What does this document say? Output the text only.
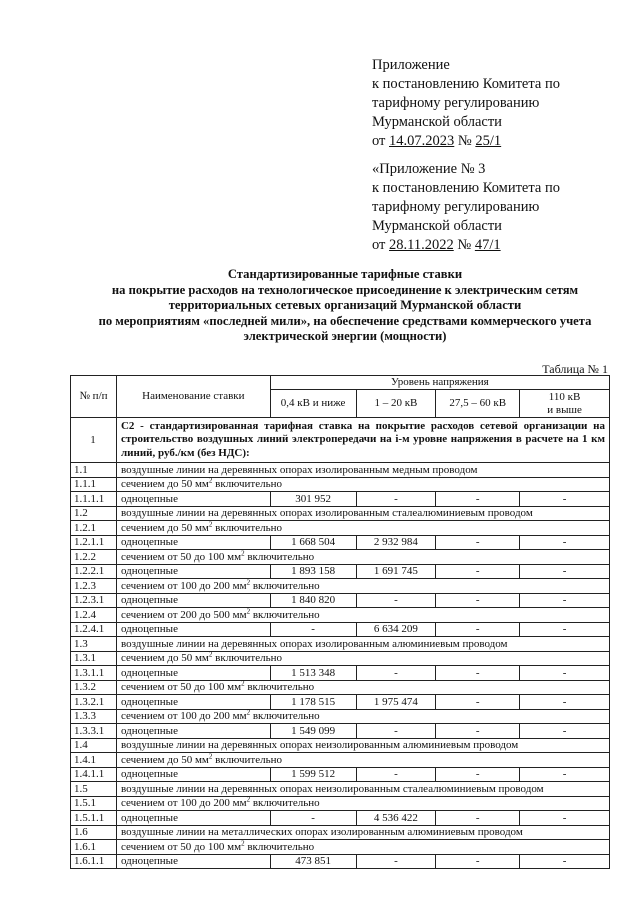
Приложение
к постановлению Комитета по
тарифному регулированию
Мурманской области
от 14.07.2023 № 25/1
«Приложение № 3
к постановлению Комитета по
тарифному регулированию
Мурманской области
от 28.11.2022 № 47/1
Стандартизированные тарифные ставки
на покрытие расходов на технологическое присоединение к электрическим сетям
территориальных сетевых организаций Мурманской области
по мероприятиям «последней мили», на обеспечение средствами коммерческого учета
электрической энергии (мощности)
Таблица № 1
№ п/п	Наименование ставки	Уровень напряжения			
		0,4 кВ и ниже	1 – 20 кВ	27,5 – 60 кВ	110 кВ
и выше

1	С2 - стандартизированная тарифная ставка на покрытие расходов сетевой организации на строительство воздушных линий электропередачи на i-м уровне напряжения в расчете на 1 км линий, руб./км (без НДС):				
1.1	воздушные линии на деревянных опорах изолированным медным проводом				
1.1.1	сечением до 50 $мм^2$ включительно				
1.1.1.1	одноцепные	301 952	-	-	-
1.2	воздушные линии на деревянных опорах изолированным сталеалюминиевым проводом				
1.2.1	сечением до 50 $мм^2$ включительно				
1.2.1.1	одноцепные	1 668 504	2 932 984	-	-
1.2.2	сечением от 50 до 100 $мм^2$ включительно				
1.2.2.1	одноцепные	1 893 158	1 691 745	-	-
1.2.3	сечением от 100 до 200 $мм^2$ включительно				
1.2.3.1	одноцепные	1 840 820	-	-	-
1.2.4	сечением от 200 до 500 $мм^2$ включительно				
1.2.4.1	одноцепные	-	6 634 209	-	-
1.3	воздушные линии на деревянных опорах изолированным алюминиевым проводом				
1.3.1	сечением до 50 $мм^2$ включительно				
1.3.1.1	одноцепные	1 513 348	-	-	-
1.3.2	сечением от 50 до 100 $мм^2$ включительно				
1.3.2.1	одноцепные	1 178 515	1 975 474	-	-
1.3.3	сечением от 100 до 200 $мм^2$ включительно				
1.3.3.1	одноцепные	1 549 099	-	-	-
1.4	воздушные линии на деревянных опорах неизолированным алюминиевым проводом				
1.4.1	сечением до 50 $мм^2$ включительно				
1.4.1.1	одноцепные	1 599 512	-	-	-
1.5	воздушные линии на деревянных опорах неизолированным сталеалюминиевым проводом				
1.5.1	сечением от 100 до 200 $мм^2$ включительно				
1.5.1.1	одноцепные	-	4 536 422	-	-
1.6	воздушные линии на металлических опорах изолированным алюминиевым проводом				
1.6.1	сечением от 50 до 100 $мм^2$ включительно				
1.6.1.1	одноцепные	473 851	-	-	-
